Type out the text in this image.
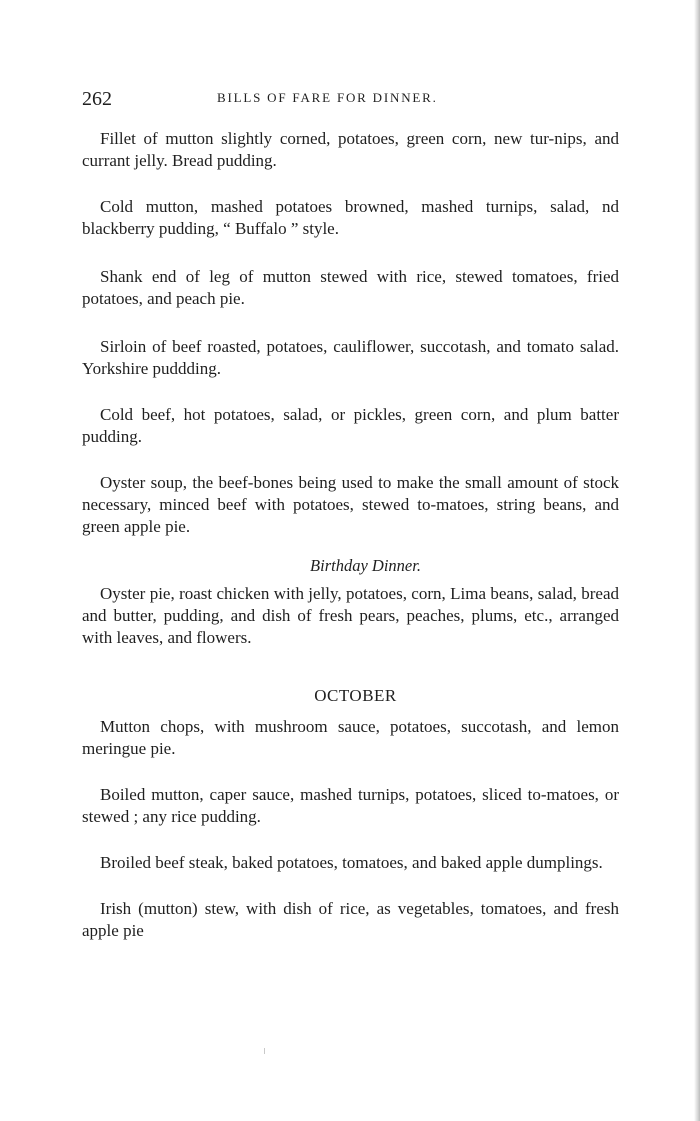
262	BILLS OF FARE FOR DINNER.

Fillet of mutton slightly corned, potatoes, green corn, new tur-nips, and currant jelly. Bread pudding.

Cold mutton, mashed potatoes browned, mashed turnips, salad, nd blackberry pudding, “ Buffalo ” style.

Shank end of leg of mutton stewed with rice, stewed tomatoes, fried potatoes, and peach pie.

Sirloin of beef roasted, potatoes, cauliflower, succotash, and tomato salad. Yorkshire puddding.

Cold beef, hot potatoes, salad, or pickles, green corn, and plum batter pudding.

Oyster soup, the beef-bones being used to make the small amount of stock necessary, minced beef with potatoes, stewed to-matoes, string beans, and green apple pie.

Birthday Dinner.

Oyster pie, roast chicken with jelly, potatoes, corn, Lima beans, salad, bread and butter, pudding, and dish of fresh pears, peaches, plums, etc., arranged with leaves, and flowers.

OCTOBER

Mutton chops, with mushroom sauce, potatoes, succotash, and lemon meringue pie.

Boiled mutton, caper sauce, mashed turnips, potatoes, sliced to-matoes, or stewed ; any rice pudding.

Broiled beef steak, baked potatoes, tomatoes, and baked apple dumplings.

Irish (mutton) stew, with dish of rice, as vegetables, tomatoes, and fresh apple pie
